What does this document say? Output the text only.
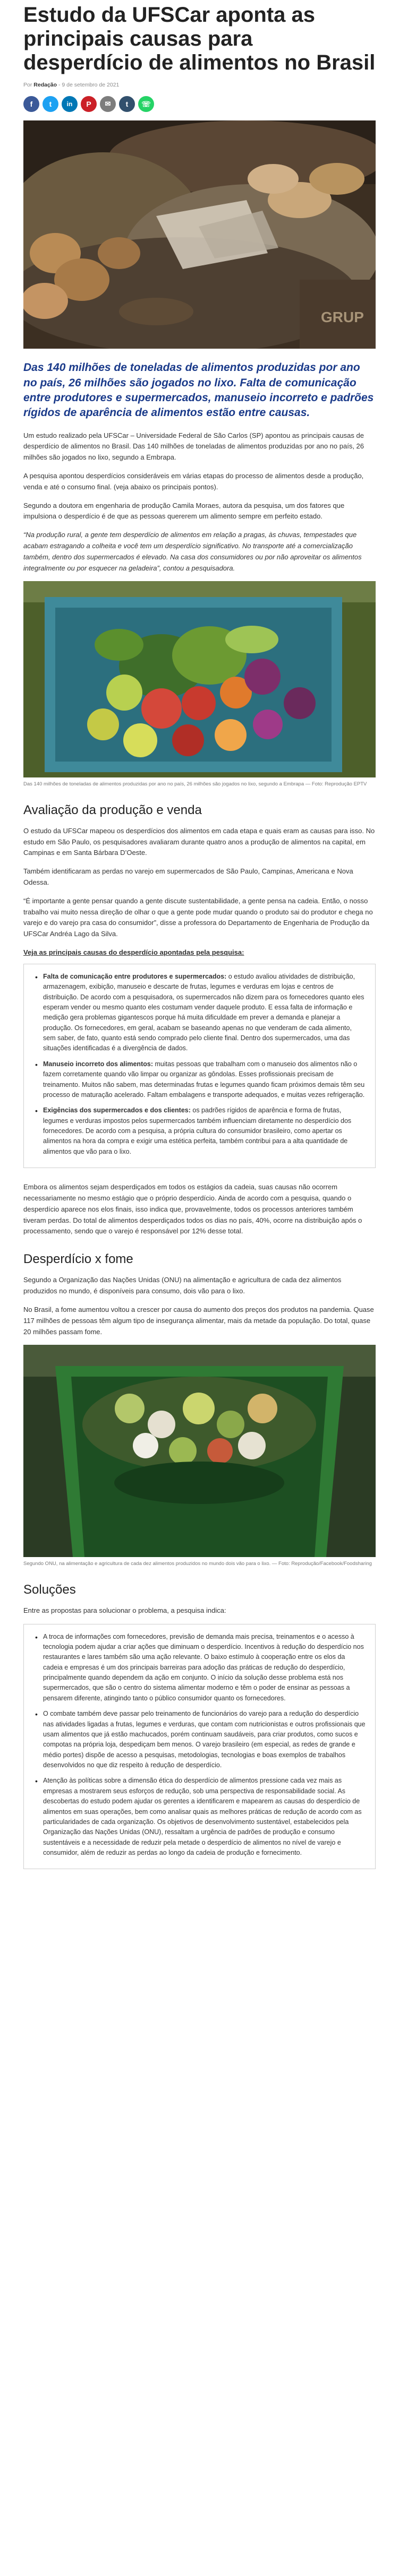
Estudo da UFSCar aponta as principais causas para desperdício de alimentos no Brasil
Por Redação - 9 de setembro de 2021
f	t	in	P	✉	t	☏
GRUP

Das 140 milhões de toneladas de alimentos produzidas por ano no país, 26 milhões são jogados no lixo. Falta de comunicação entre produtores e supermercados, manuseio incorreto e padrões rígidos de aparência de alimentos estão entre causas.

Um estudo realizado pela UFSCar – Universidade Federal de São Carlos (SP) apontou as principais causas de desperdício de alimentos no Brasil. Das 140 milhões de toneladas de alimentos produzidas por ano no país, 26 milhões são jogados no lixo, segundo a Embrapa.

A pesquisa apontou desperdícios consideráveis em várias etapas do processo de alimentos desde a produção, venda e até o consumo final. (veja abaixo os principais pontos).

Segundo a doutora em engenharia de produção Camila Moraes, autora da pesquisa, um dos fatores que impulsiona o desperdício é de que as pessoas quererem um alimento sempre em perfeito estado.

“Na produção rural, a gente tem desperdício de alimentos em relação a pragas, às chuvas, tempestades que acabam estragando a colheita e você tem um desperdício significativo. No transporte até a comercialização também, dentro dos supermercados é elevado. Na casa dos consumidores ou por não aproveitar os alimentos integralmente ou por esquecer na geladeira”, contou a pesquisadora.

Das 140 milhões de toneladas de alimentos produzidas por ano no país, 26 milhões são jogados no lixo, segundo a Embrapa — Foto: Reprodução EPTV
Avaliação da produção e venda

O estudo da UFSCar mapeou os desperdícios dos alimentos em cada etapa e quais eram as causas para isso. No estudo em São Paulo, os pesquisadores avaliaram durante quatro anos a produção de alimentos na capital, em Campinas e em Santa Bárbara D’Oeste.

Também identificaram as perdas no varejo em supermercados de São Paulo, Campinas, Americana e Nova Odessa.

“É importante a gente pensar quando a gente discute sustentabilidade, a gente pensa na cadeia. Então, o nosso trabalho vai muito nessa direção de olhar o que a gente pode mudar quando o produto sai do produtor e chega no varejo e do varejo pra casa do consumidor”, disse a professora do Departamento de Engenharia de Produção da UFSCar Andréa Lago da Silva.

Veja as principais causas do desperdício apontadas pela pesquisa:
• Falta de comunicação entre produtores e supermercados: o estudo avaliou atividades de distribuição, armazenagem, exibição, manuseio e descarte de frutas, legumes e verduras em lojas e centros de distribuição. De acordo com a pesquisadora, os supermercados não dizem para os fornecedores quanto eles esperam vender ou mesmo quanto eles costumam vender daquele produto. E essa falta de informação e medição gera problemas gigantescos porque há muita dificuldade em prever a demanda e planejar a produção. Os fornecedores, em geral, acabam se baseando apenas no que venderam de cada alimento, sem saber, de fato, quanto está sendo comprado pelo cliente final. Dentro dos supermercados, uma das situações identificadas é a divergência de dados.
• Manuseio incorreto dos alimentos: muitas pessoas que trabalham com o manuseio dos alimentos não o fazem corretamente quando vão limpar ou organizar as gôndolas. Esses profissionais precisam de treinamento. Muitos não sabem, mas determinadas frutas e legumes quando ficam próximos demais têm seu processo de maturação acelerado. Faltam embalagens e transporte adequados, e muitas vezes refrigeração.
• Exigências dos supermercados e dos clientes: os padrões rígidos de aparência e forma de frutas, legumes e verduras impostos pelos supermercados também influenciam diretamente no desperdício dos fornecedores. De acordo com a pesquisa, a própria cultura do consumidor brasileiro, como apertar os alimentos na hora da compra e exigir uma estética perfeita, também contribui para a alta quantidade de alimentos que vão para o lixo.

Embora os alimentos sejam desperdiçados em todos os estágios da cadeia, suas causas não ocorrem necessariamente no mesmo estágio que o próprio desperdício. Ainda de acordo com a pesquisa, quando o desperdício aparece nos elos finais, isso indica que, provavelmente, todos os processos anteriores também tiveram perdas. Do total de alimentos desperdiçados todos os dias no país, 40%, ocorre na distribuição após o processamento, sendo que o varejo é responsável por 12% desse total.

Desperdício x fome

Segundo a Organização das Nações Unidas (ONU) na alimentação e agricultura de cada dez alimentos produzidos no mundo, é disponíveis para consumo, dois vão para o lixo.

No Brasil, a fome aumentou voltou a crescer por causa do aumento dos preços dos produtos na pandemia. Quase 117 milhões de pessoas têm algum tipo de insegurança alimentar, mais da metade da população. Do total, quase 20 milhões passam fome.

Segundo ONU, na alimentação e agricultura de cada dez alimentos produzidos no mundo dois vão para o lixo. — Foto: Reprodução/Facebook/Foodsharing
Soluções

Entre as propostas para solucionar o problema, a pesquisa indica:

• A troca de informações com fornecedores, previsão de demanda mais precisa, treinamentos e o acesso à tecnologia podem ajudar a criar ações que diminuam o desperdício. Incentivos à redução do desperdício nos restaurantes e lares também são uma ação relevante. O baixo estímulo à cooperação entre os elos da cadeia e empresas é um dos principais barreiras para adoção das práticas de redução do desperdício, principalmente quando dependem da ação em conjunto. O início da solução desse problema está nos supermercados, que são o centro do sistema alimentar moderno e têm o poder de ensinar as pessoas a pensarem diferente, atingindo tanto o público consumidor quanto os fornecedores.
• O combate também deve passar pelo treinamento de funcionários do varejo para a redução do desperdício nas atividades ligadas a frutas, legumes e verduras, que contam com nutricionistas e outros profissionais que usam alimentos que já estão machucados, porém continuam saudáveis, para criar produtos, como sucos e compotas na própria loja, despediçam bem menos. O varejo brasileiro (em especial, as redes de grande e médio portes) dispõe de acesso a pesquisas, metodologias, tecnologias e boas exemplos de trabalhos desenvolvidos no que diz respeito à redução de desperdício.
• Atenção às políticas sobre a dimensão ética do desperdício de alimentos pressione cada vez mais as empresas a mostrarem seus esforços de redução, sob uma perspectiva de responsabilidade social. As descobertas do estudo podem ajudar os gerentes a identificarem e mapearem as causas do desperdício de alimentos em suas operações, bem como analisar quais as melhores práticas de redução de acordo com as particularidades de cada organização. Os objetivos de desenvolvimento sustentável, estabelecidos pela Organização das Nações Unidas (ONU), ressaltam a urgência de padrões de produção e consumo sustentáveis e a necessidade de reduzir pela metade o desperdício de alimentos no nível de varejo e consumidor, além de reduzir as perdas ao longo da cadeia de produção e fornecimento.
